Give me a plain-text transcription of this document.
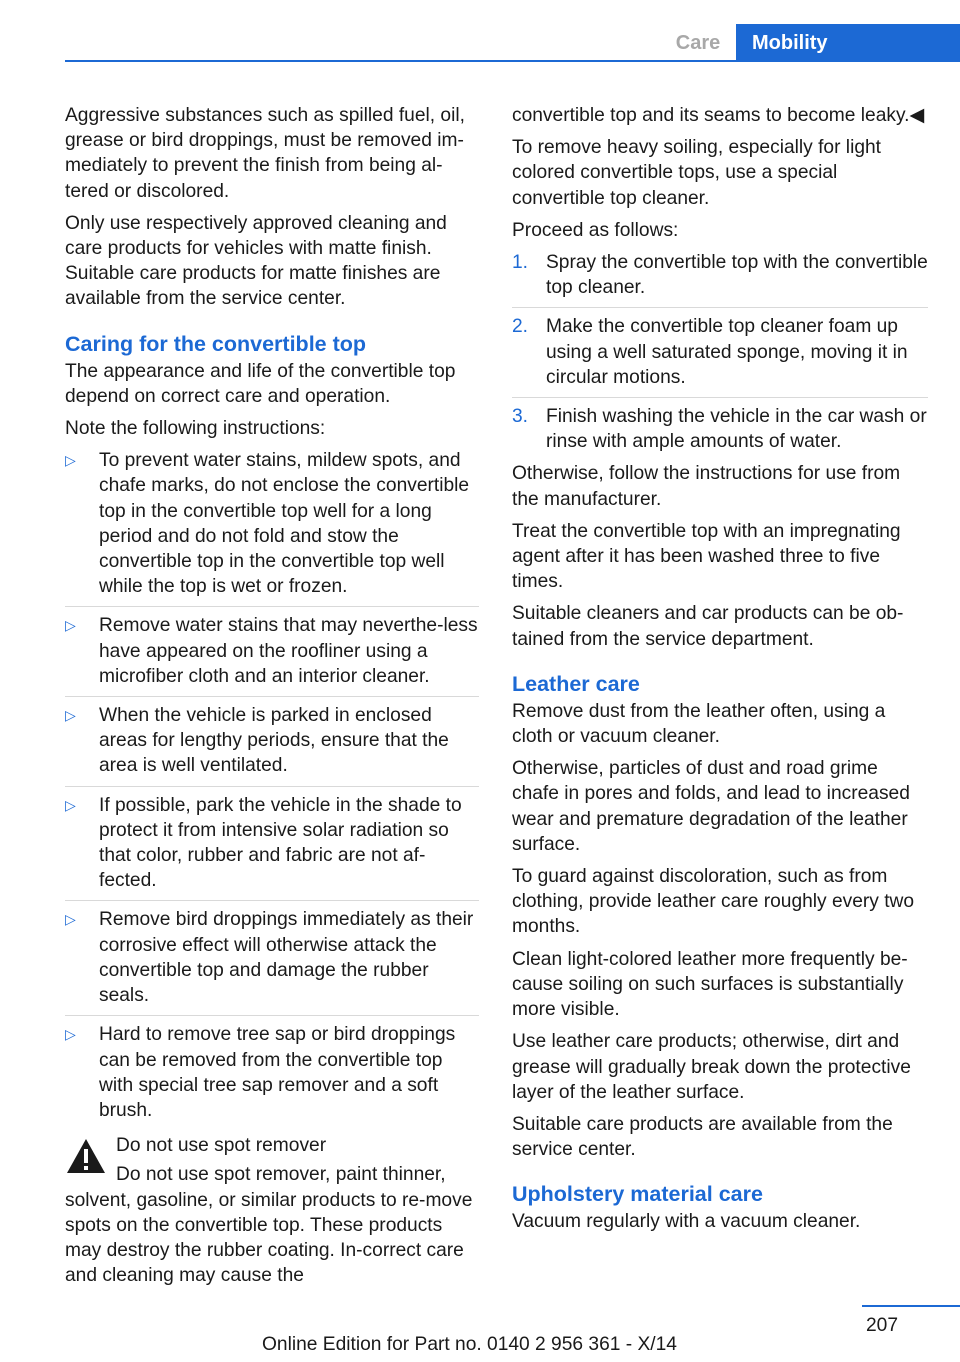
Care	Mobility

Aggressive substances such as spilled fuel, oil, grease or bird droppings, must be removed im‐mediately to prevent the finish from being al‐tered or discolored.

Only use respectively approved cleaning and care products for vehicles with matte finish. Suitable care products for matte finishes are available from the service center.

Caring for the convertible top

The appearance and life of the convertible top depend on correct care and operation.

Note the following instructions:

▷ To prevent water stains, mildew spots, and chafe marks, do not enclose the convertible top in the convertible top well for a long period and do not fold and stow the convertible top in the convertible top well while the top is wet or frozen.
▷ Remove water stains that may neverthe‐less have appeared on the roofliner using a microfiber cloth and an interior cleaner.
▷ When the vehicle is parked in enclosed areas for lengthy periods, ensure that the area is well ventilated.
▷ If possible, park the vehicle in the shade to protect it from intensive solar radiation so that color, rubber and fabric are not af‐fected.
▷ Remove bird droppings immediately as their corrosive effect will otherwise attack the convertible top and damage the rubber seals.
▷ Hard to remove tree sap or bird droppings can be removed from the convertible top with special tree sap remover and a soft brush.

Do not use spot remover

Do not use spot remover, paint thinner, solvent, gasoline, or similar products to re‐move spots on the convertible top. These products may destroy the rubber coating. In‐correct care and cleaning may cause the

convertible top and its seams to become leaky.◀

To remove heavy soiling, especially for light colored convertible tops, use a special convertible top cleaner.

Proceed as follows:

1. Spray the convertible top with the convertible top cleaner.
2. Make the convertible top cleaner foam up using a well saturated sponge, moving it in circular motions.
3. Finish washing the vehicle in the car wash or rinse with ample amounts of water.

Otherwise, follow the instructions for use from the manufacturer.

Treat the convertible top with an impregnating agent after it has been washed three to five times.

Suitable cleaners and car products can be ob‐tained from the service department.

Leather care

Remove dust from the leather often, using a cloth or vacuum cleaner.

Otherwise, particles of dust and road grime chafe in pores and folds, and lead to increased wear and premature degradation of the leather surface.

To guard against discoloration, such as from clothing, provide leather care roughly every two months.

Clean light-colored leather more frequently be‐cause soiling on such surfaces is substantially more visible.

Use leather care products; otherwise, dirt and grease will gradually break down the protective layer of the leather surface.

Suitable care products are available from the service center.

Upholstery material care

Vacuum regularly with a vacuum cleaner.

207
Online Edition for Part no. 0140 2 956 361 - X/14
